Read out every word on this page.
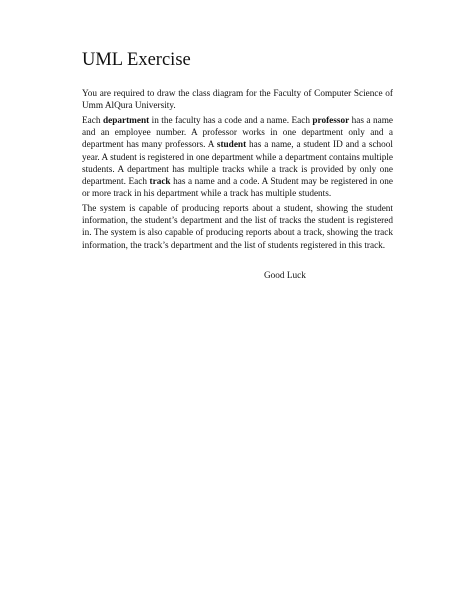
UML Exercise

You are required to draw the class diagram for the Faculty of Computer Science of Umm AlQura University.

Each department in the faculty has a code and a name. Each professor has a name and an employee number. A professor works in one department only and a department has many professors. A student has a name, a student ID and a school year. A student is registered in one department while a department contains multiple students. A department has multiple tracks while a track is provided by only one department. Each track has a name and a code. A Student may be registered in one or more track in his department while a track has multiple students.

The system is capable of producing reports about a student, showing the student information, the student’s department and the list of tracks the student is registered in. The system is also capable of producing reports about a track, showing the track information, the track’s department and the list of students registered in this track.

Good Luck
